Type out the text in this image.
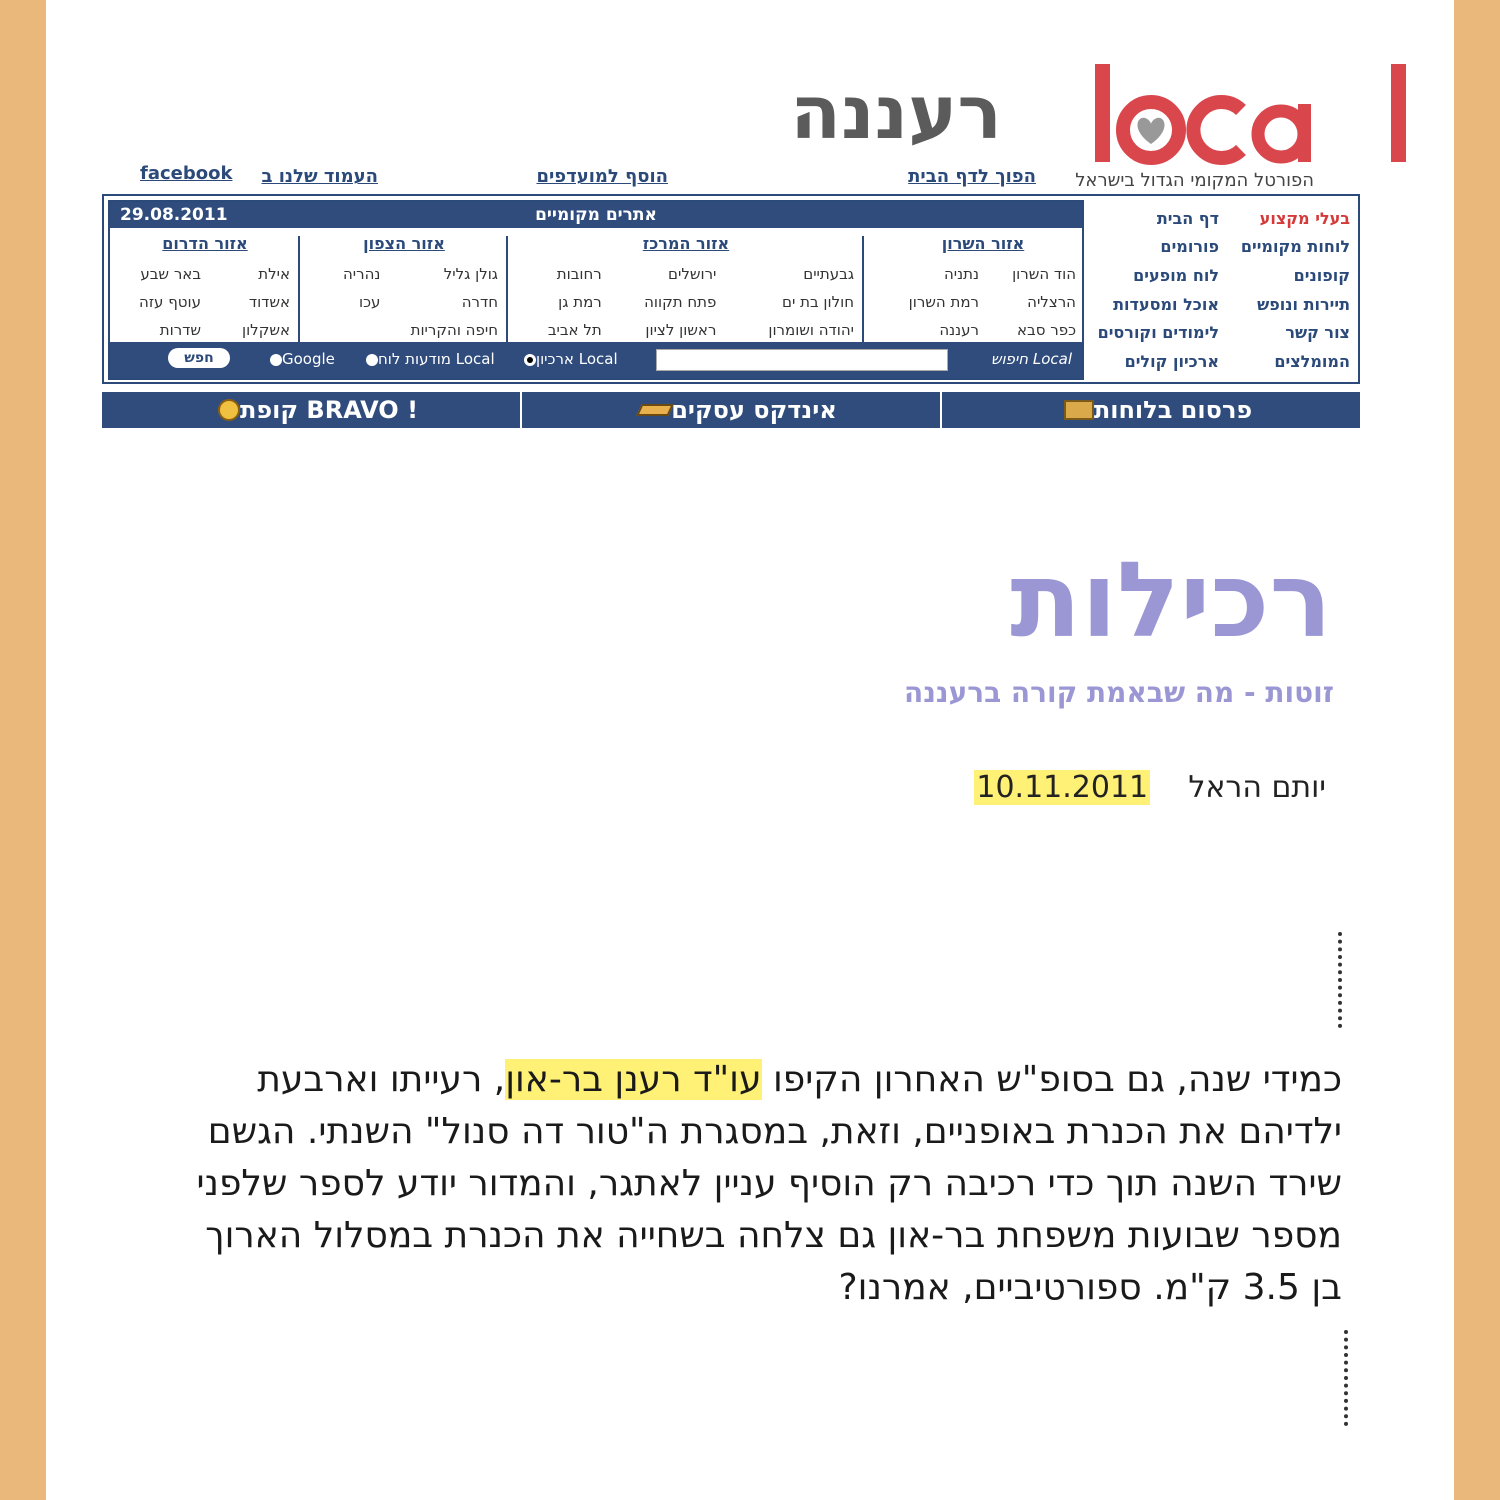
רעננה
הפורטל המקומי הגדול בישראל
הפוך לדף הבית
הוסף למועדפים
העמוד שלנו ב
facebook
בעלי מקצוע
דף הבית
לוחות מקומיים
פורומים
קופונים
לוח מופעים
תיירות ונופש
אוכל ומסעדות
צור קשר
לימודים וקורסים
המומלצים
ארכיון קולים
אתרים מקומיים
29.08.2011
אזור השרון
הוד השרון
נתניה
הרצליה
רמת השרון
כפר סבא
רעננה
אזור המרכז
גבעתיים
ירושלים
רחובות
חולון בת ים
פתח תקווה
רמת גן
יהודה ושומרון
ראשון לציון
תל אביב
אזור הצפון
גולן גליל
נהריה
חדרה
עכו
חיפה והקריות
אזור הדרום
אילת
באר שבע
אשדוד
עוטף עזה
אשקלון
שדרות
חיפוש Local
ארכיון Local
מודעות לוח Local
Google
חפש
פרסום בלוחות
אינדקס עסקים
קופת BRAVO !
רכילות
זוטות - מה שבאמת קורה ברעננה
יותם הראל    10.11.2011
כמידי שנה, גם בסופ"ש האחרון הקיפו עו"ד רענן בר-און, רעייתו וארבעת ילדיהם את הכנרת באופניים, וזאת, במסגרת ה"טור דה סנול" השנתי. הגשם שירד השנה תוך כדי רכיבה רק הוסיף עניין לאתגר, והמדור יודע לספר שלפני מספר שבועות משפחת בר-און גם צלחה בשחייה את הכנרת במסלול הארוך בן 3.5 ק"מ. ספורטיביים, אמרנו?
